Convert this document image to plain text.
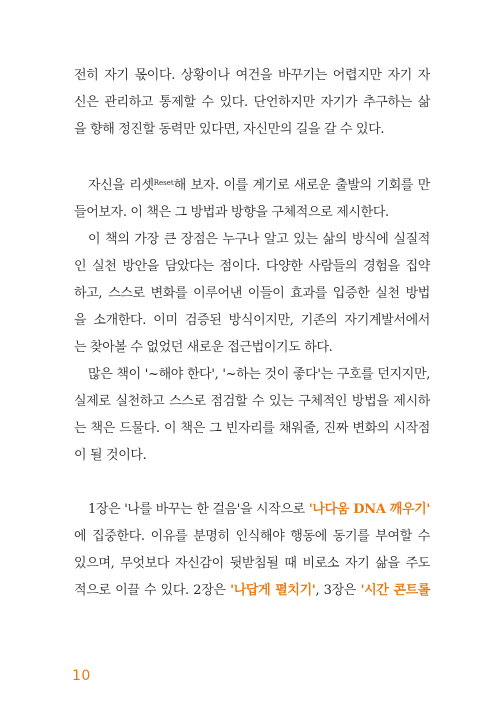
전히 자기 몫이다. 상황이나 여건을 바꾸기는 어렵지만 자기 자
신은 관리하고 통제할 수 있다. 단언하지만 자기가 추구하는 삶
을 향해 정진할 동력만 있다면, 자신만의 길을 갈 수 있다.
자신을 리셋$^{Reset}$해 보자. 이를 계기로 새로운 출발의 기회를 만
들어보자. 이 책은 그 방법과 방향을 구체적으로 제시한다.
이 책의 가장 큰 장점은 누구나 알고 있는 삶의 방식에 실질적
인 실천 방안을 담았다는 점이다. 다양한 사람들의 경험을 집약
하고, 스스로 변화를 이루어낸 이들이 효과를 입증한 실천 방법
을 소개한다. 이미 검증된 방식이지만, 기존의 자기계발서에서
는 찾아볼 수 없었던 새로운 접근법이기도 하다.
많은 책이 '~해야 한다', '~하는 것이 좋다'는 구호를 던지지만,
실제로 실천하고 스스로 점검할 수 있는 구체적인 방법을 제시하
는 책은 드물다. 이 책은 그 빈자리를 채워줄, 진짜 변화의 시작점
이 될 것이다.
1장은 '나를 바꾸는 한 걸음'을 시작으로 '나다움 DNA 깨우기'
에 집중한다. 이유를 분명히 인식해야 행동에 동기를 부여할 수
있으며, 무엇보다 자신감이 뒷받침될 때 비로소 자기 삶을 주도
적으로 이끌 수 있다. 2장은 '나답게 펼치기', 3장은 '시간 콘트롤
10
